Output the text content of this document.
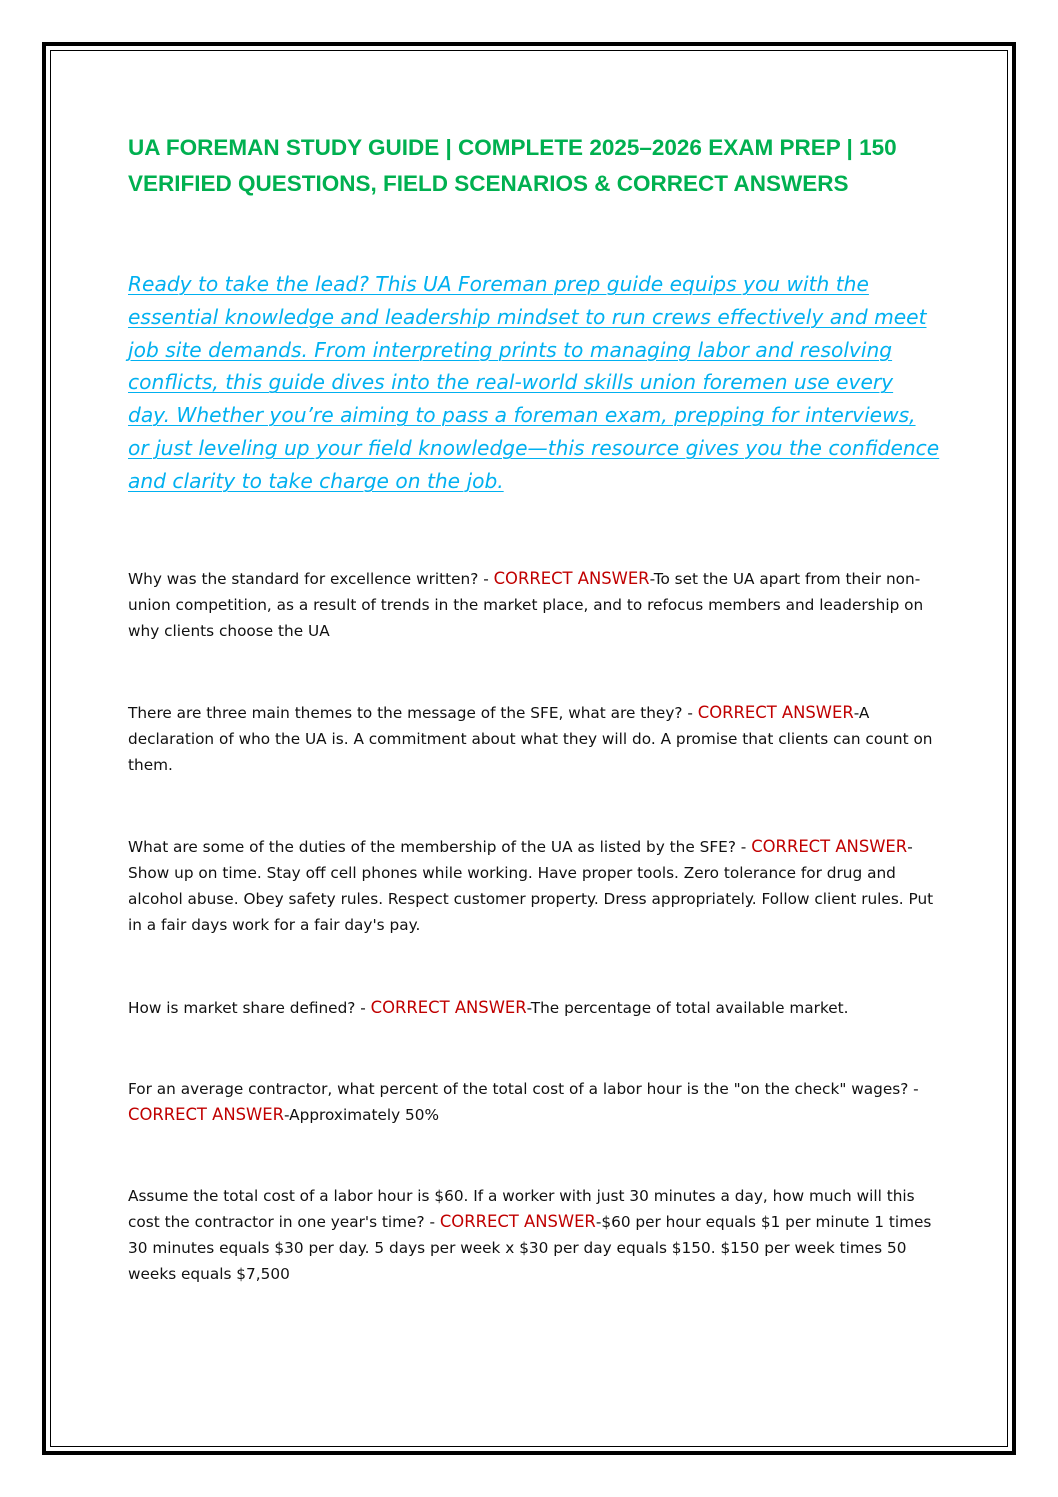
UA FOREMAN STUDY GUIDE | COMPLETE 2025–2026 EXAM PREP | 150 VERIFIED QUESTIONS, FIELD SCENARIOS & CORRECT ANSWERS

Ready to take the lead? This UA Foreman prep guide equips you with the essential knowledge and leadership mindset to run crews effectively and meet job site demands. From interpreting prints to managing labor and resolving conflicts, this guide dives into the real-world skills union foremen use every day. Whether you’re aiming to pass a foreman exam, prepping for interviews, or just leveling up your field knowledge—this resource gives you the confidence and clarity to take charge on the job.

Why was the standard for excellence written? - CORRECT ANSWER-To set the UA apart from their non-union competition, as a result of trends in the market place, and to refocus members and leadership on why clients choose the UA

There are three main themes to the message of the SFE, what are they? - CORRECT ANSWER-A declaration of who the UA is. A commitment about what they will do. A promise that clients can count on them.

What are some of the duties of the membership of the UA as listed by the SFE? - CORRECT ANSWER-Show up on time. Stay off cell phones while working. Have proper tools. Zero tolerance for drug and alcohol abuse. Obey safety rules. Respect customer property. Dress appropriately. Follow client rules. Put in a fair days work for a fair day's pay.

How is market share defined? - CORRECT ANSWER-The percentage of total available market.

For an average contractor, what percent of the total cost of a labor hour is the "on the check" wages? - CORRECT ANSWER-Approximately 50%

Assume the total cost of a labor hour is $60. If a worker with just 30 minutes a day, how much will this cost the contractor in one year's time? - CORRECT ANSWER-$60 per hour equals $1 per minute 1 times 30 minutes equals $30 per day. 5 days per week x $30 per day equals $150. $150 per week times 50 weeks equals $7,500
